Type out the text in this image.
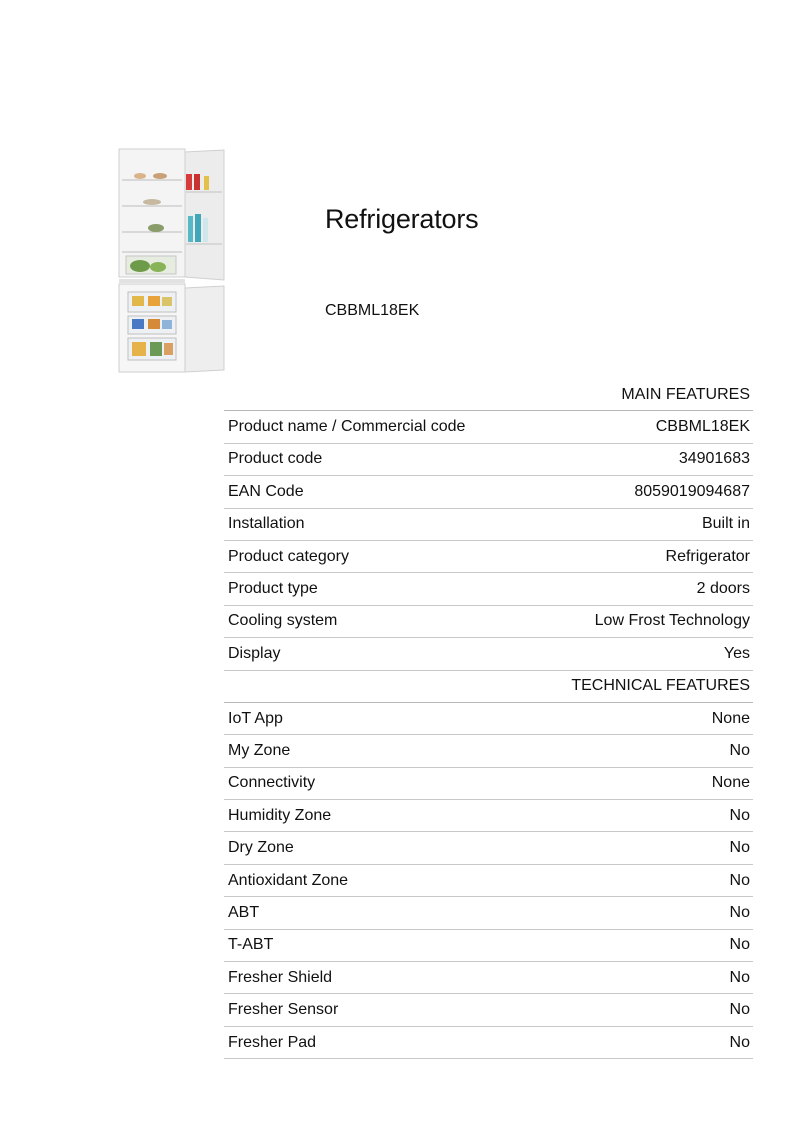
Refrigerators
CBBML18EK
MAIN FEATURES
Product name / Commercial code	CBBML18EK
Product code	34901683
EAN Code	8059019094687
Installation	Built in
Product category	Refrigerator
Product type	2 doors
Cooling system	Low Frost Technology
Display	Yes
TECHNICAL FEATURES
IoT App	None
My Zone	No
Connectivity	None
Humidity Zone	No
Dry Zone	No
Antioxidant Zone	No
ABT	No
T-ABT	No
Fresher Shield	No
Fresher Sensor	No
Fresher Pad	No
